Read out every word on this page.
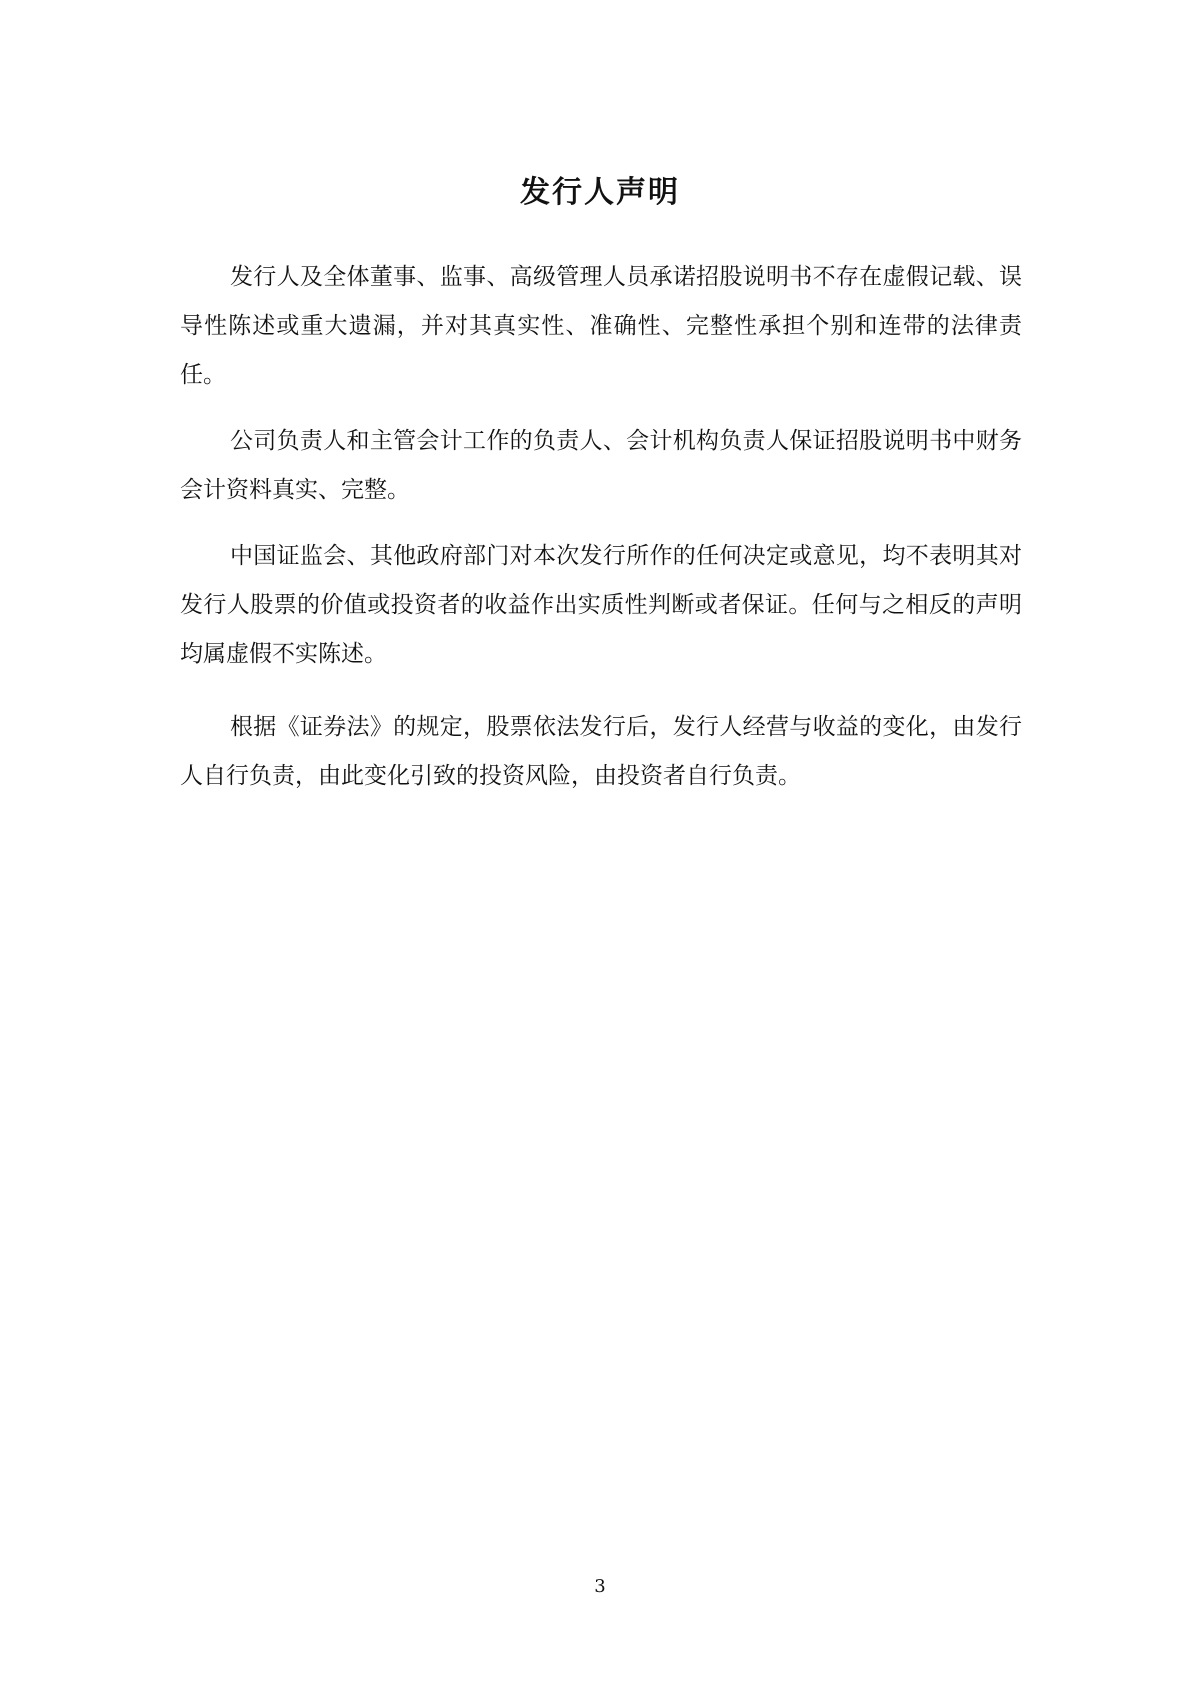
发行人声明

发行人及全体董事、监事、高级管理人员承诺招股说明书不存在虚假记载、误导性陈述或重大遗漏，并对其真实性、准确性、完整性承担个别和连带的法律责任。

公司负责人和主管会计工作的负责人、会计机构负责人保证招股说明书中财务会计资料真实、完整。

中国证监会、其他政府部门对本次发行所作的任何决定或意见，均不表明其对发行人股票的价值或投资者的收益作出实质性判断或者保证。任何与之相反的声明均属虚假不实陈述。

根据《证券法》的规定，股票依法发行后，发行人经营与收益的变化，由发行人自行负责，由此变化引致的投资风险，由投资者自行负责。

3
